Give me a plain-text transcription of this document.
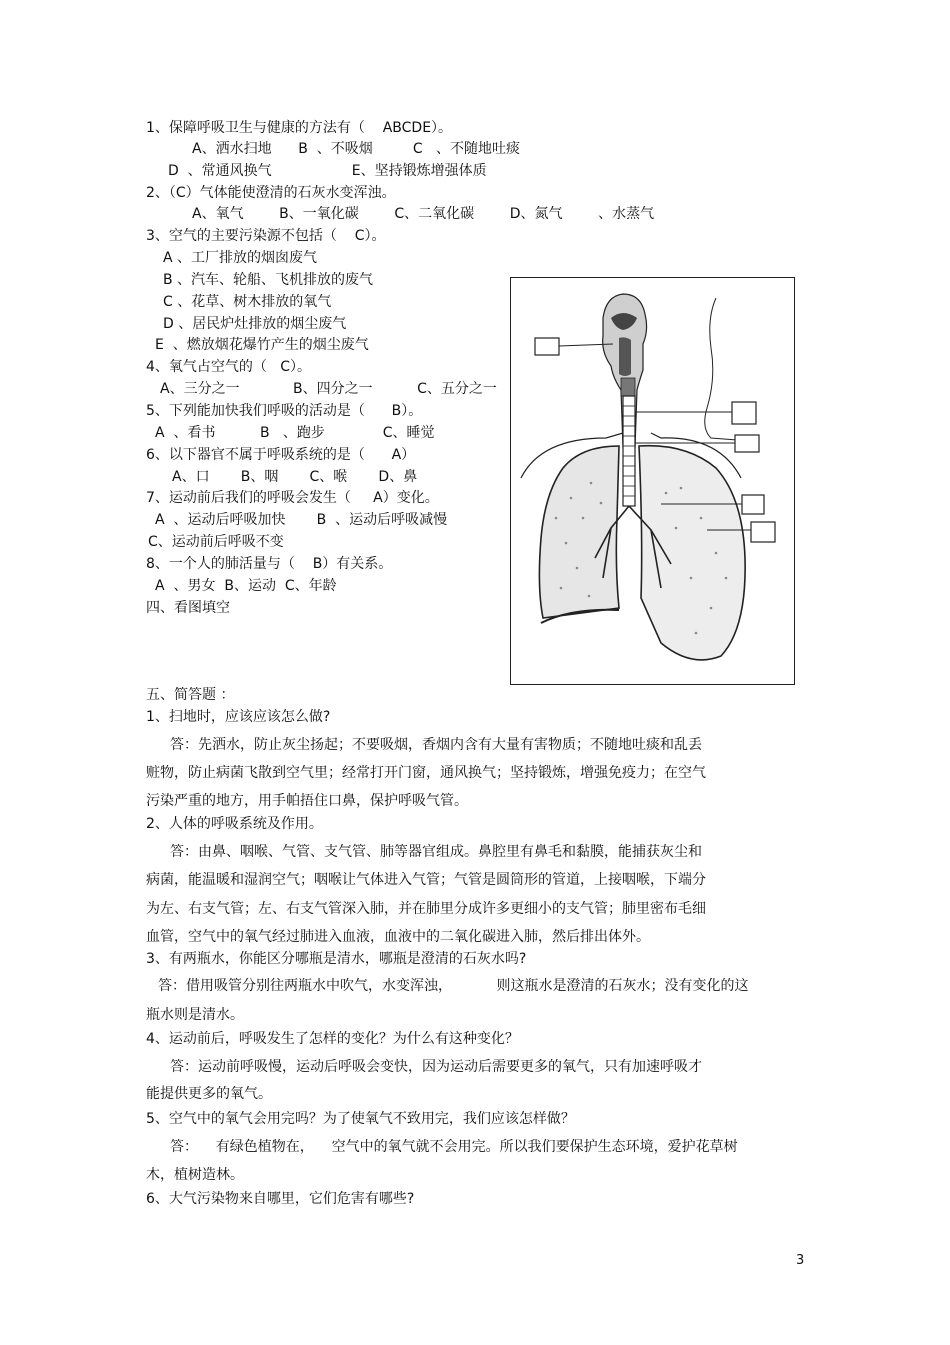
1、保障呼吸卫生与健康的方法有（    ABCDE）。
A、洒水扫地      B  、不吸烟         C   、不随地吐痰
D  、常通风换气                  E、坚持锻炼增强体质
2、（C）气体能使澄清的石灰水变浑浊。
A、氧气        B、一氧化碳        C、二氧化碳        D、氮气        、水蒸气
3、空气的主要污染源不包括（    C）。
A 、工厂排放的烟囱废气
B 、汽车、轮船、飞机排放的废气
C 、花草、树木排放的氧气
D 、居民炉灶排放的烟尘废气
E  、燃放烟花爆竹产生的烟尘废气
4、氧气占空气的（   C）。
A、三分之一            B、四分之一          C、五分之一
5、下列能加快我们呼吸的活动是（      B）。
A  、看书          B   、跑步             C、睡觉
6、以下器官不属于呼吸系统的是（      A）
A、口       B、咽       C、喉       D、鼻
7、运动前后我们的呼吸会发生（     A）变化。
A  、运动后呼吸加快       B  、运动后呼吸减慢
C、运动前后呼吸不变
8、一个人的肺活量与（    B）有关系。
A  、男女  B、运动  C、年龄
四、看图填空
五、简答题 ：
1、扫地时，应该应该怎么做?
答：先洒水，防止灰尘扬起；不要吸烟，香烟内含有大量有害物质；不随地吐痰和乱丢
赃物，防止病菌飞散到空气里；经常打开门窗，通风换气；坚持锻炼，增强免疫力；在空气
污染严重的地方，用手帕捂住口鼻，保护呼吸气管。
2、人体的呼吸系统及作用。
答：由鼻、咽喉、气管、支气管、肺等器官组成。鼻腔里有鼻毛和黏膜，能捕获灰尘和
病菌，能温暖和湿润空气；咽喉让气体进入气管；气管是圆筒形的管道，上接咽喉，下端分
为左、右支气管；左、右支气管深入肺，并在肺里分成许多更细小的支气管；肺里密布毛细
血管，空气中的氧气经过肺进入血液，血液中的二氧化碳进入肺，然后排出体外。
3、有两瓶水，你能区分哪瓶是清水，哪瓶是澄清的石灰水吗?
答：借用吸管分别往两瓶水中吹气，水变浑浊，          则这瓶水是澄清的石灰水；没有变化的这
瓶水则是清水。
4、运动前后，呼吸发生了怎样的变化？为什么有这种变化？
答：运动前呼吸慢，运动后呼吸会变快，因为运动后需要更多的氧气，只有加速呼吸才
能提供更多的氧气。
5、空气中的氧气会用完吗？为了使氧气不致用完，我们应该怎样做？
答：    有绿色植物在，    空气中的氧气就不会用完。所以我们要保护生态环境，爱护花草树
木，植树造林。
6、大气污染物来自哪里，它们危害有哪些?
3
